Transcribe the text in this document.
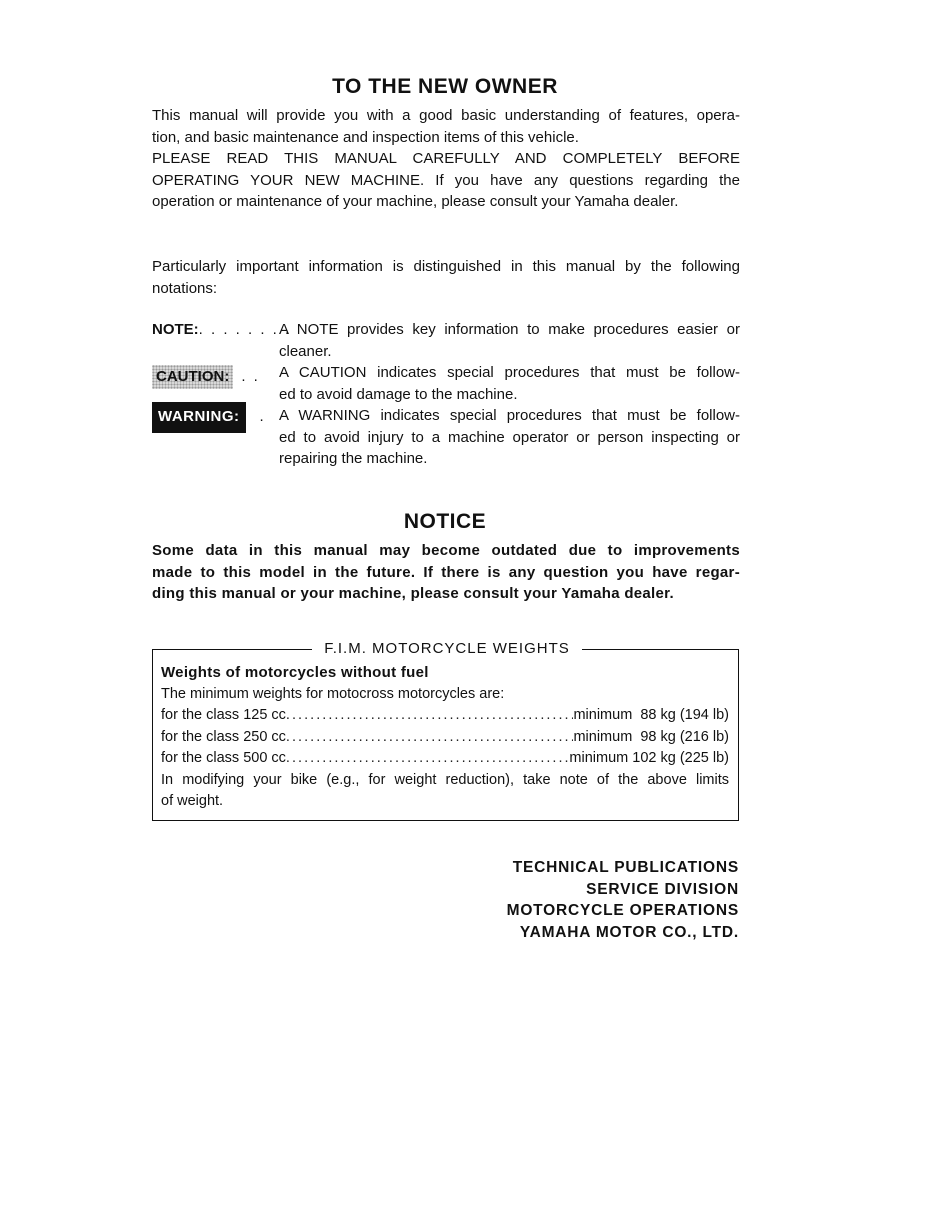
TO THE NEW OWNER
This manual will provide you with a good basic understanding of features, opera-
tion, and basic maintenance and inspection items of this vehicle.
PLEASE READ THIS MANUAL CAREFULLY AND COMPLETELY BEFORE
OPERATING YOUR NEW MACHINE. If you have any questions regarding the
operation or maintenance of your machine, please consult your Yamaha dealer.
Particularly important information is distinguished in this manual by the following
notations:
NOTE:. . . . . . . .
A NOTE provides key information to make procedures easier or
cleaner.
CAUTION: . . A CAUTION indicates special procedures that must be follow-
ed to avoid damage to the machine.
WARNING: . A WARNING indicates special procedures that must be follow-
ed to avoid injury to a machine operator or person inspecting or
repairing the machine.
NOTICE
Some data in this manual may become outdated due to improvements
made to this model in the future. If there is any question you have regar-
ding this manual or your machine, please consult your Yamaha dealer.
F.I.M. MOTORCYCLE WEIGHTS
Weights of motorcycles without fuel
The minimum weights for motocross motorcycles are:
for the class 125 cc . . .	minimum  88 kg (194 lb)
for the class 250 cc . . .	minimum  98 kg (216 lb)
for the class 500 cc . . .	minimum 102 kg (225 lb)
In modifying your bike (e.g., for weight reduction), take note of the above limits
of weight.
TECHNICAL PUBLICATIONS
SERVICE DIVISION
MOTORCYCLE OPERATIONS
YAMAHA MOTOR CO., LTD.
